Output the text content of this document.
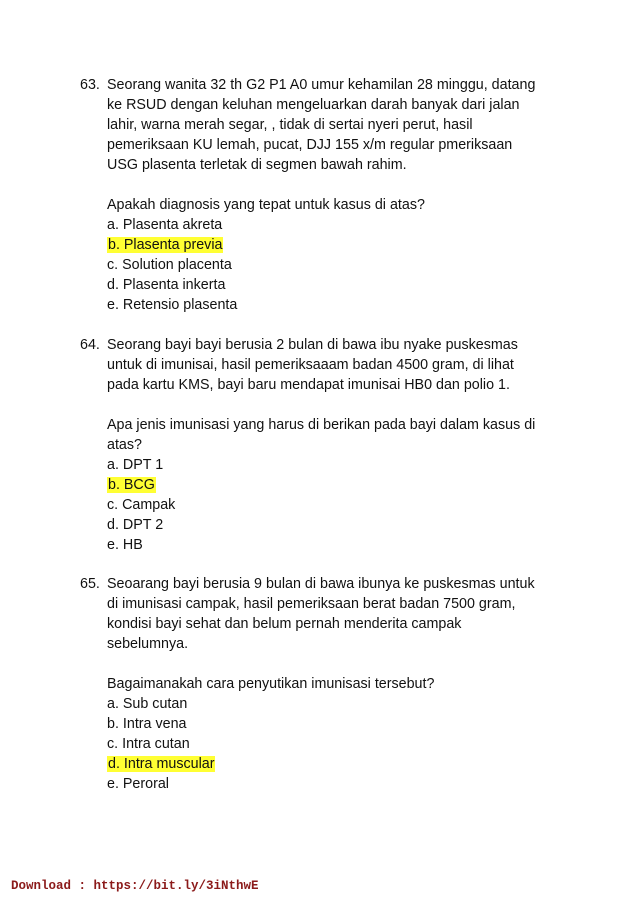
63. Seorang wanita 32 th G2 P1 A0 umur kehamilan 28 minggu, datang
ke RSUD dengan keluhan mengeluarkan darah banyak dari jalan
lahir, warna merah segar, , tidak di sertai nyeri perut, hasil
pemeriksaan KU lemah, pucat, DJJ 155 x/m regular pmeriksaan
USG plasenta terletak di segmen bawah rahim.
Apakah diagnosis yang tepat untuk kasus di atas?
a. Plasenta akreta
b. Plasenta previa
c. Solution placenta
d. Plasenta inkerta
e. Retensio plasenta
64. Seorang bayi bayi berusia 2 bulan di bawa ibu nyake puskesmas
untuk di imunisai, hasil pemeriksaaam badan 4500 gram, di lihat
pada kartu KMS, bayi baru mendapat imunisai HB0 dan polio 1.
Apa jenis imunisasi yang harus di berikan pada bayi dalam kasus di
atas?
a. DPT 1
b. BCG
c. Campak
d. DPT 2
e. HB
65. Seoarang bayi berusia 9 bulan di bawa ibunya ke puskesmas untuk
di imunisasi campak, hasil pemeriksaan berat badan 7500 gram,
kondisi bayi sehat dan belum pernah menderita campak
sebelumnya.
Bagaimanakah cara penyutikan imunisasi tersebut?
a. Sub cutan
b. Intra vena
c. Intra cutan
d. Intra muscular
e. Peroral
Download : https://bit.ly/3iNthwE
